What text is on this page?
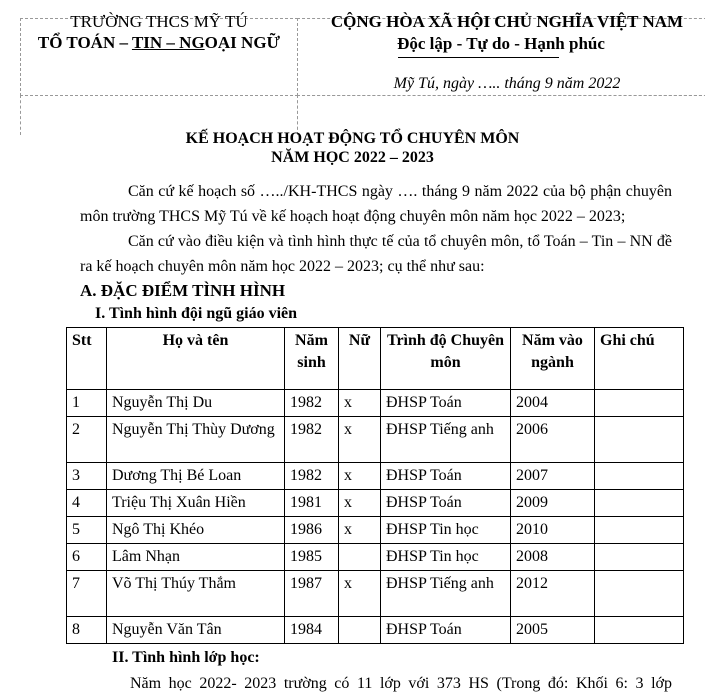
TRƯỜNG THCS MỸ TÚ
TỔ TOÁN – TIN – NGOẠI NGỮ
CỘNG HÒA XÃ HỘI CHỦ NGHĨA VIỆT NAM
Độc lập - Tự do - Hạnh phúc
Mỹ Tú, ngày ….. tháng 9 năm 2022
KẾ HOẠCH HOẠT ĐỘNG TỔ CHUYÊN MÔN
NĂM HỌC 2022 – 2023

Căn cứ kế hoạch số …../KH-THCS ngày …. tháng 9 năm 2022 của bộ phận chuyên môn trường THCS Mỹ Tú về kế hoạch hoạt động chuyên môn năm học 2022 – 2023;

Căn cứ vào điều kiện và tình hình thực tế của tổ chuyên môn, tổ Toán – Tin – NN đề ra kế hoạch chuyên môn năm học 2022 – 2023; cụ thể như sau:

A. ĐẶC ĐIỂM TÌNH HÌNH
I. Tình hình đội ngũ giáo viên
Stt	Họ và tên	Năm sinh	Nữ	Trình độ Chuyên môn	Năm vào ngành	Ghi chú
1	Nguyễn Thị Du	1982	x	ĐHSP Toán	2004	
2	Nguyễn Thị Thùy Dương	1982	x	ĐHSP Tiếng anh	2006	
3	Dương Thị Bé Loan	1982	x	ĐHSP Toán	2007	
4	Triệu Thị Xuân Hiền	1981	x	ĐHSP Toán	2009	
5	Ngô Thị Khéo	1986	x	ĐHSP Tin học	2010	
6	Lâm Nhạn	1985		ĐHSP Tin học	2008	
7	Võ Thị Thúy Thắm	1987	x	ĐHSP Tiếng anh	2012	
8	Nguyễn Văn Tân	1984		ĐHSP Toán	2005	
II. Tình hình lớp học:
Năm học 2022- 2023 trường có 11 lớp với 373 HS (Trong đó: Khối 6: 3 lớp
